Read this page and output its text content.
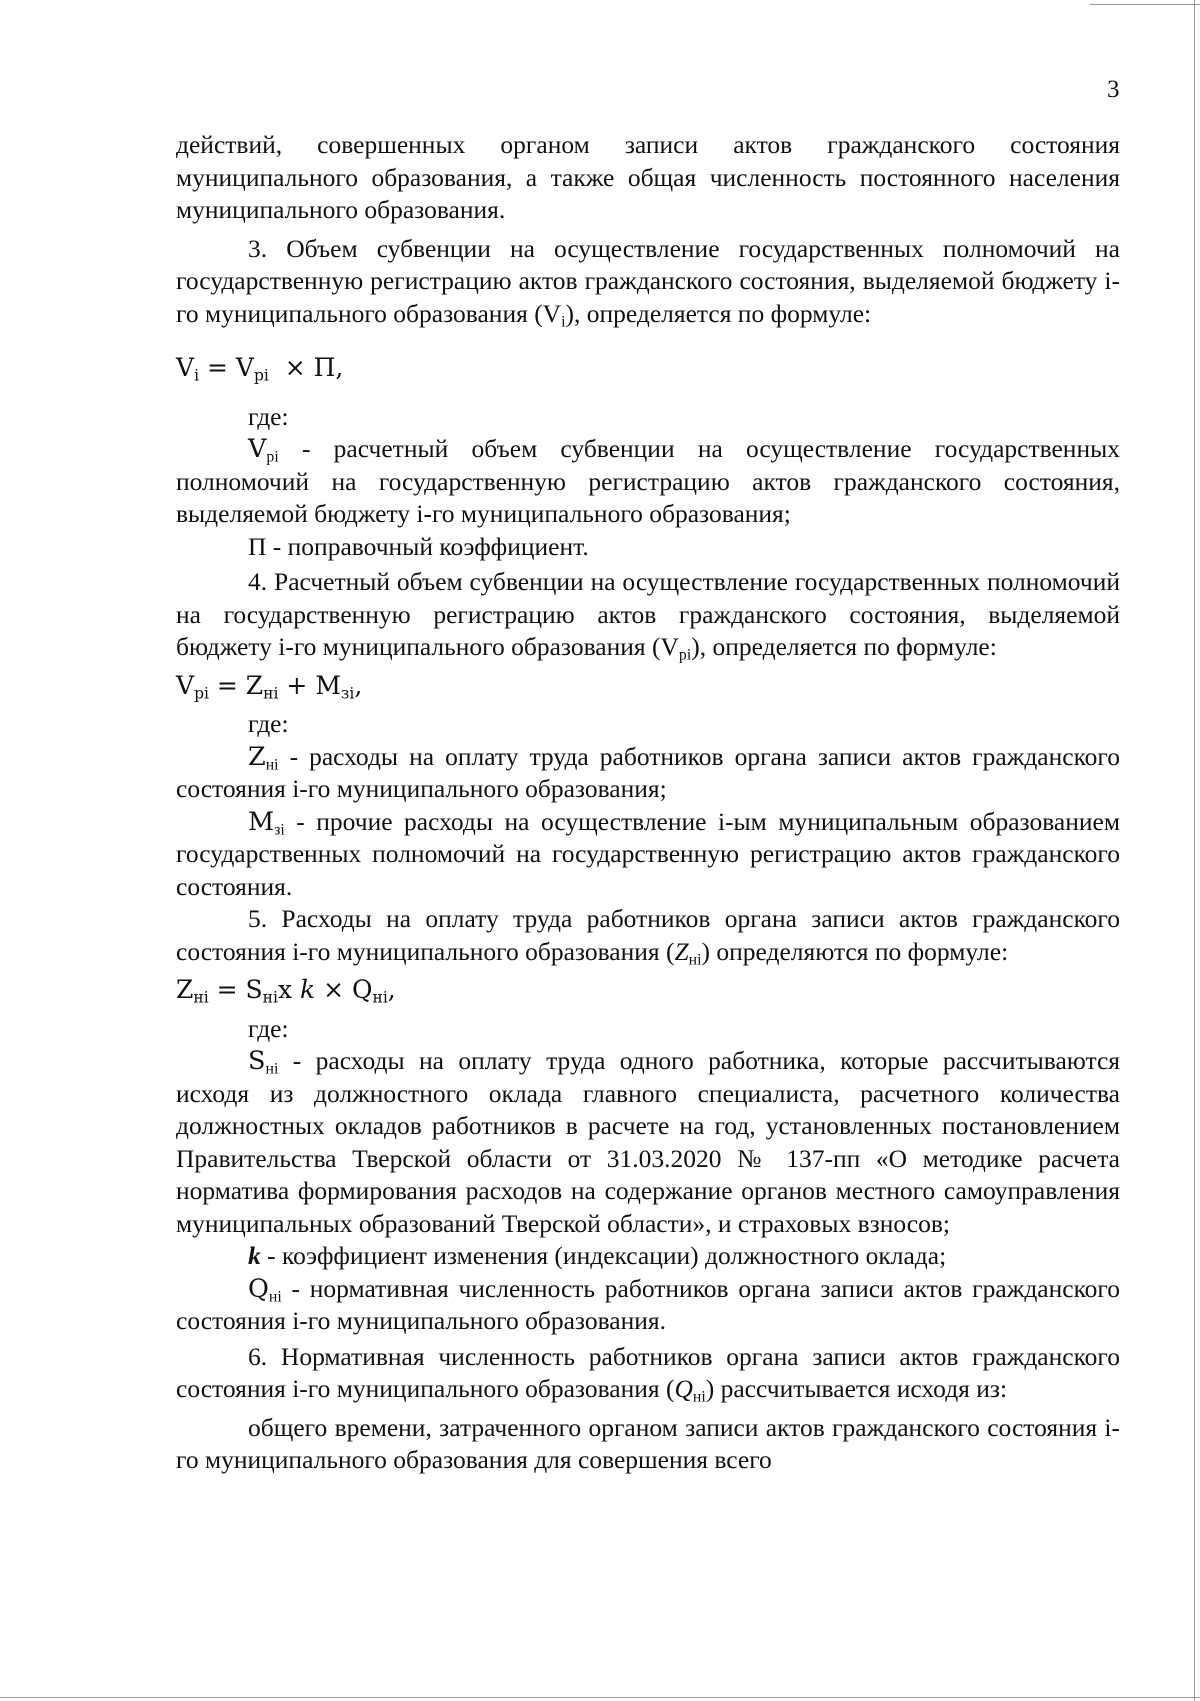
3

действий, совершенных органом записи актов гражданского состояния муниципального образования, а также общая численность постоянного населения муниципального образования.

3. Объем субвенции на осуществление государственных полномочий на государственную регистрацию актов гражданского состояния, выделяемой бюджету i-го муниципального образования $(V_i)$, определяется по формуле:

$V_i = V_{pi} \times П$,

где:

$V_{pi}$ - расчетный объем субвенции на осуществление государственных полномочий на государственную регистрацию актов гражданского состояния, выделяемой бюджету i-го муниципального образования;

П - поправочный коэффициент.

4. Расчетный объем субвенции на осуществление государственных полномочий на государственную регистрацию актов гражданского состояния, выделяемой бюджету i-го муниципального образования $(V_{pi})$, определяется по формуле:

$V_{pi} = Z_{нi} + M_{зi}$,

где:

$Z_{нi}$ - расходы на оплату труда работников органа записи актов гражданского состояния i-го муниципального образования;

$M_{зi}$ - прочие расходы на осуществление i-ым муниципальным образованием государственных полномочий на государственную регистрацию актов гражданского состояния.

5. Расходы на оплату труда работников органа записи актов гражданского состояния i-го муниципального образования $(Z_{нi})$ определяются по формуле:

$Z_{нi} = S_{нi}x$ $k \times Q_{нi}$,

где:

$S_{нi}$ - расходы на оплату труда одного работника, которые рассчитываются исходя из должностного оклада главного специалиста, расчетного количества должностных окладов работников в расчете на год, установленных постановлением Правительства Тверской области от 31.03.2020 № 137-пп «О методике расчета норматива формирования расходов на содержание органов местного самоуправления муниципальных образований Тверской области», и страховых взносов;

k - коэффициент изменения (индексации) должностного оклада;

$Q_{нi}$ - нормативная численность работников органа записи актов гражданского состояния i-го муниципального образования.

6. Нормативная численность работников органа записи актов гражданского состояния i-го муниципального образования $(Q_{нi})$ рассчитывается исходя из:

общего времени, затраченного органом записи актов гражданского состояния i-го муниципального образования для совершения всего
